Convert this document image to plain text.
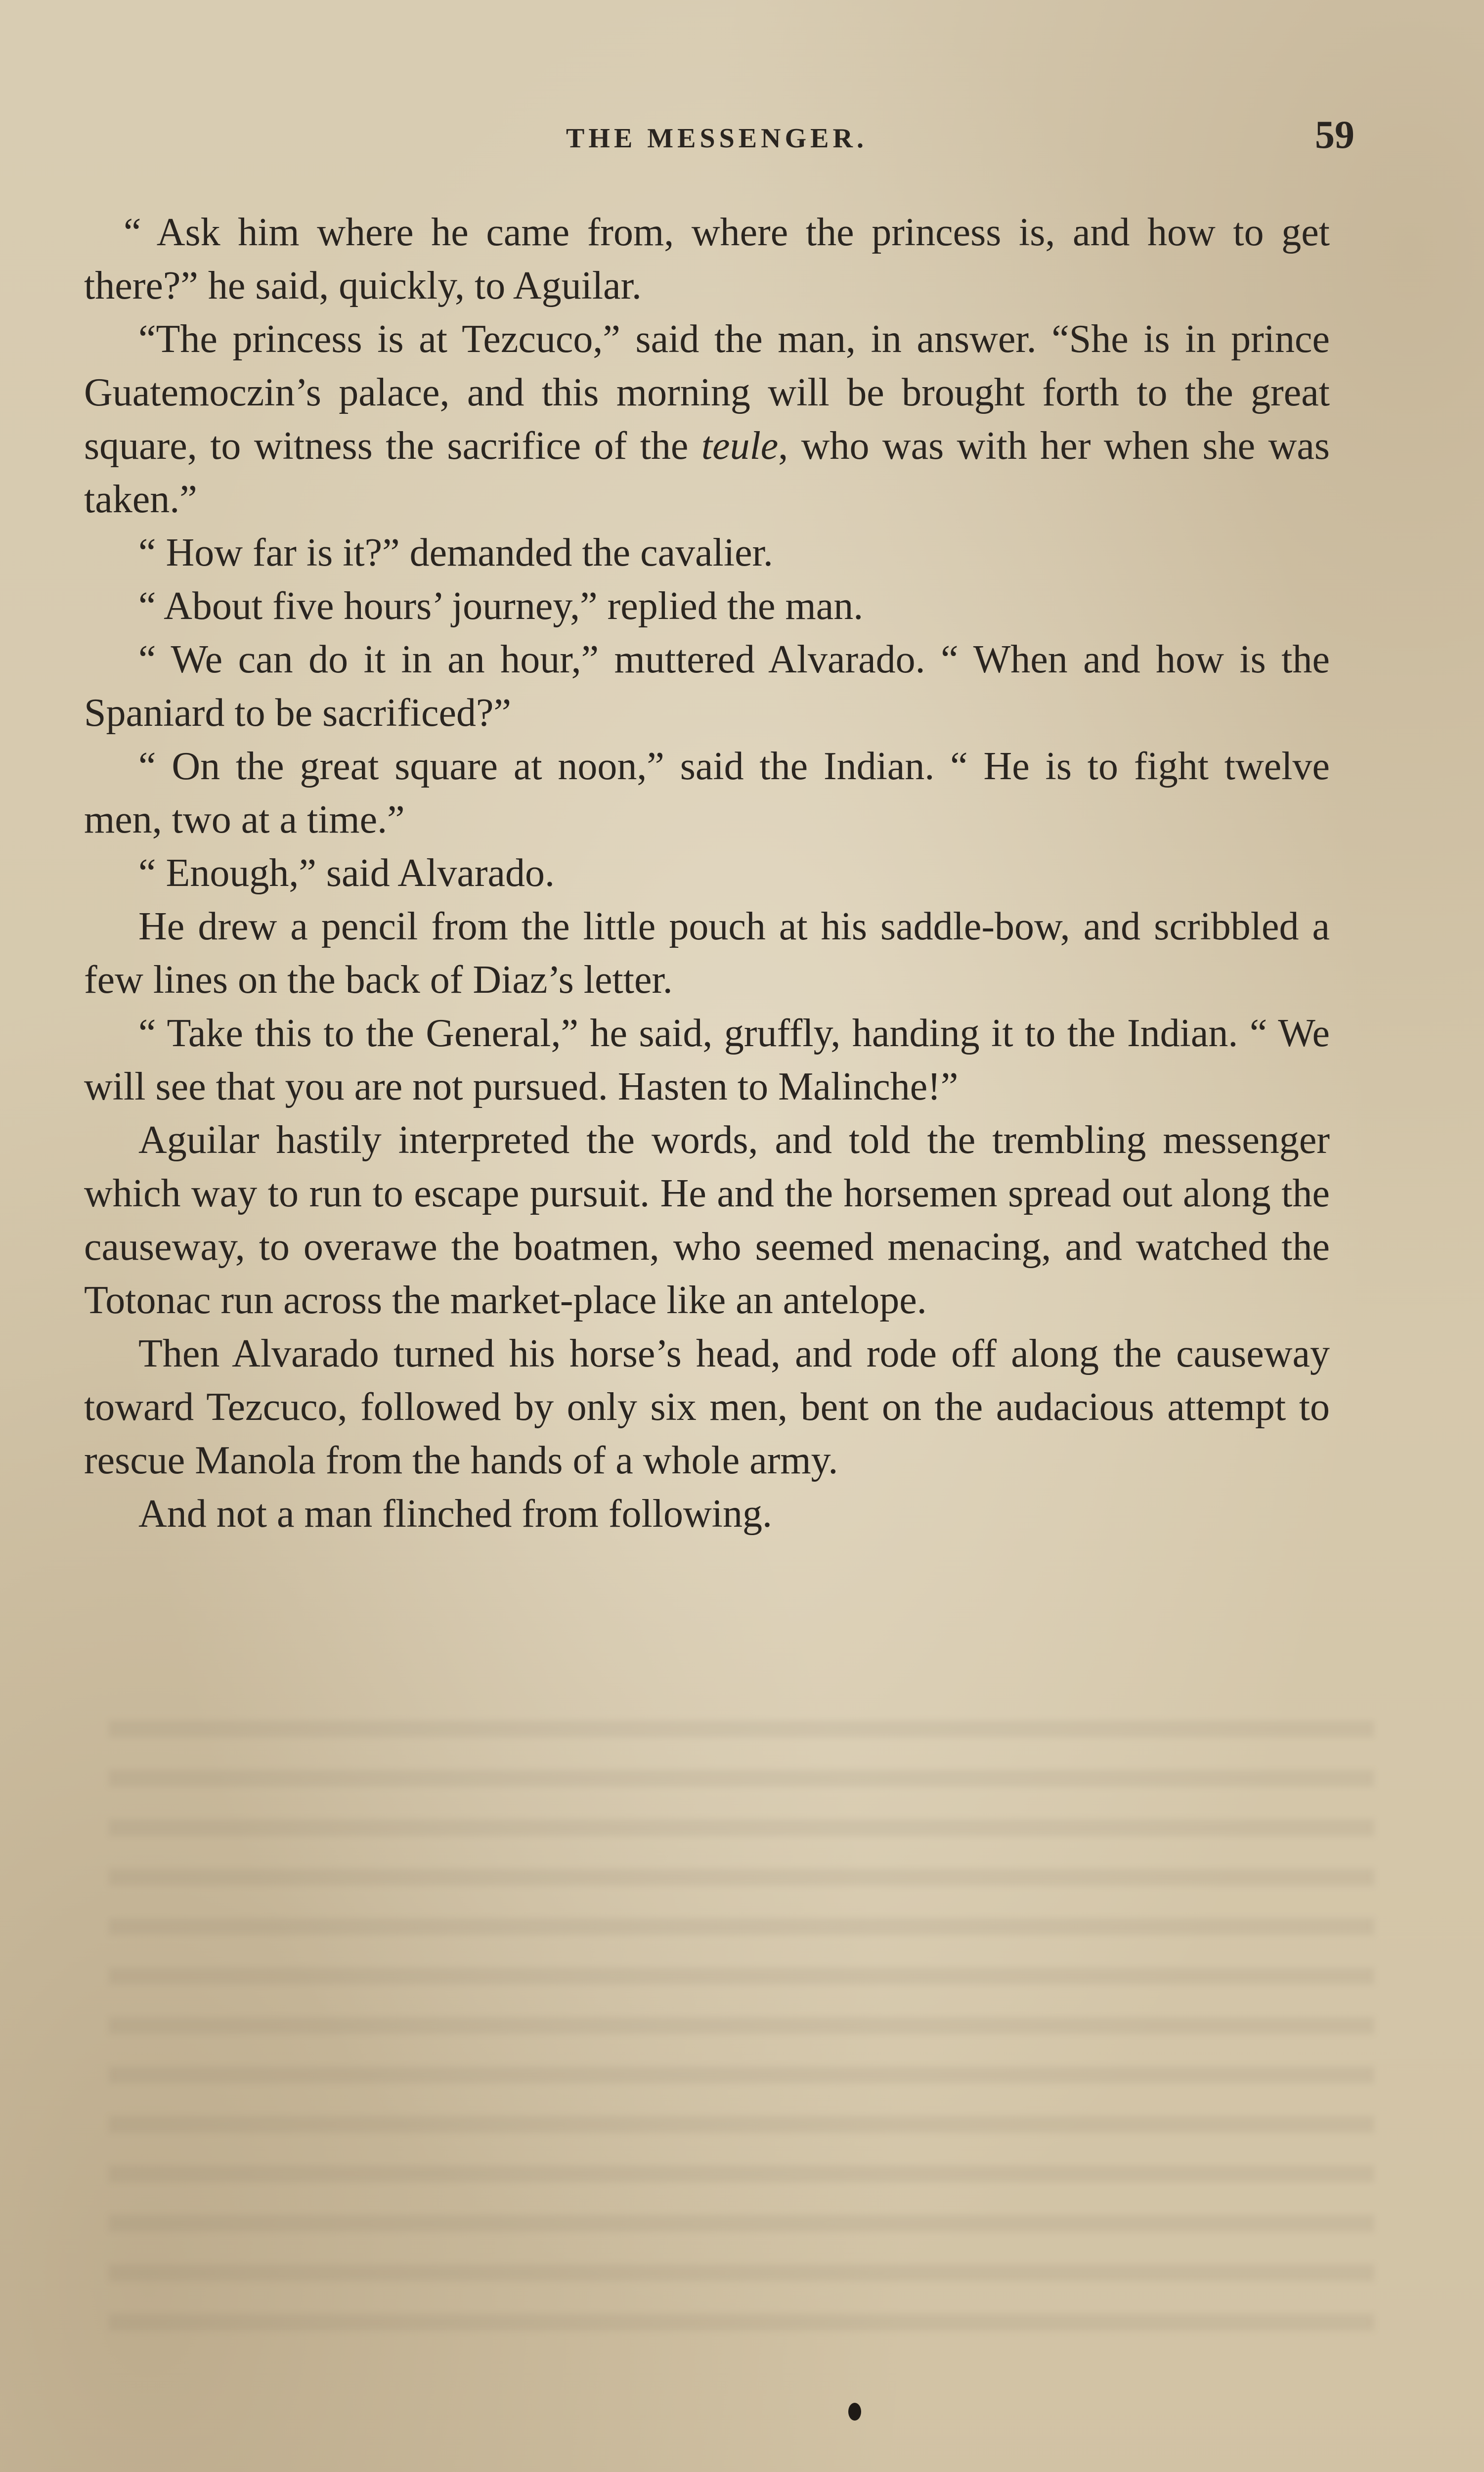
THE MESSENGER.	59

“ Ask him where he came from, where the princess is, and how to get there?” he said, quickly, to Aguilar.

“The princess is at Tezcuco,” said the man, in answer. “She is in prince Guatemoczin’s palace, and this morning will be brought forth to the great square, to witness the sacrifice of the teule, who was with her when she was taken.”

“ How far is it?” demanded the cavalier.

“ About five hours’ journey,” replied the man.

“ We can do it in an hour,” muttered Alvarado. “ When and how is the Spaniard to be sacrificed?”

“ On the great square at noon,” said the Indian. “ He is to fight twelve men, two at a time.”

“ Enough,” said Alvarado.

He drew a pencil from the little pouch at his saddle-bow, and scribbled a few lines on the back of Diaz’s letter.

“ Take this to the General,” he said, gruffly, handing it to the Indian. “ We will see that you are not pursued. Hasten to Malinche!”

Aguilar hastily interpreted the words, and told the trembling messenger which way to run to escape pursuit. He and the horsemen spread out along the causeway, to overawe the boatmen, who seemed menacing, and watched the Totonac run across the market-place like an antelope.

Then Alvarado turned his horse’s head, and rode off along the causeway toward Tezcuco, followed by only six men, bent on the audacious attempt to rescue Manola from the hands of a whole army.

And not a man flinched from following.
